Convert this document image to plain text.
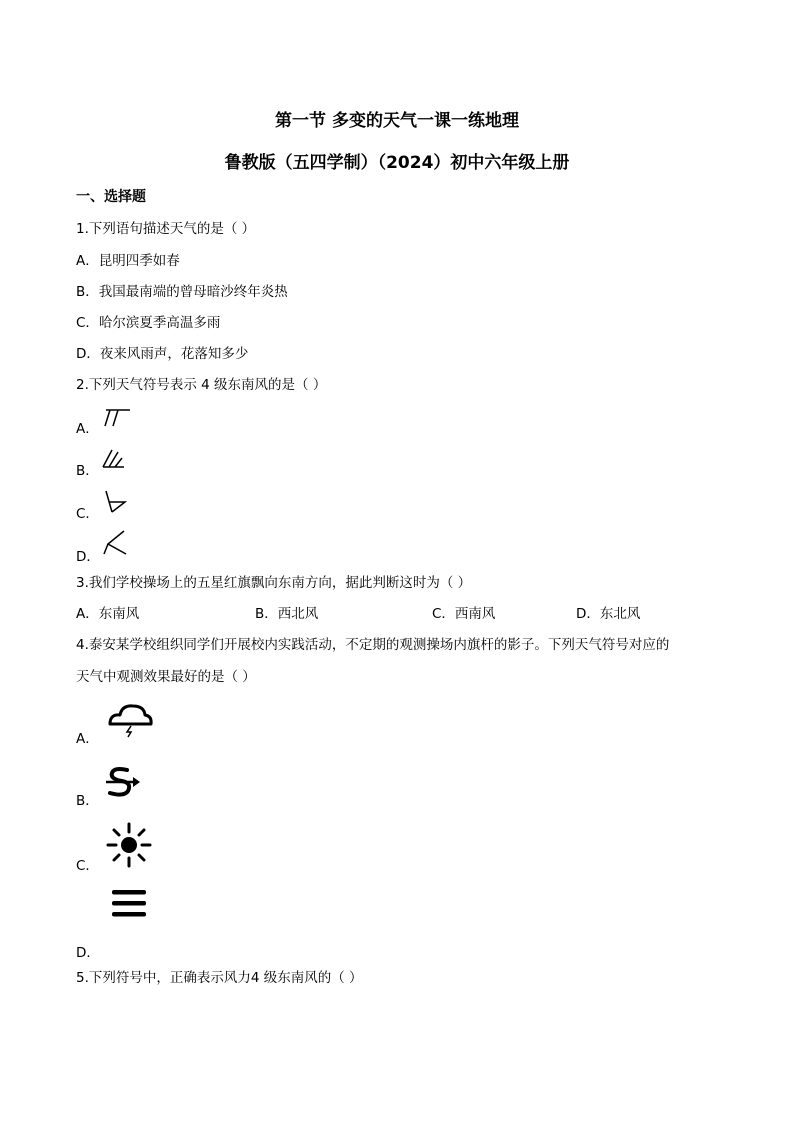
第一节 多变的天气一课一练地理
鲁教版（五四学制）（2024）初中六年级上册
一、选择题
1.下列语句描述天气的是（ ）
A．昆明四季如春
B．我国最南端的曾母暗沙终年炎热
C．哈尔滨夏季高温多雨
D．夜来风雨声，花落知多少
2.下列天气符号表示 4 级东南风的是（ ）
A．
B．
C．
D．
3.我们学校操场上的五星红旗飘向东南方向，据此判断这时为（ ）
A．东南风	B．西北风	C．西南风	D．东北风
4.泰安某学校组织同学们开展校内实践活动，不定期的观测操场内旗杆的影子。下列天气符号对应的
天气中观测效果最好的是（ ）
A．
B．
C．
D．
5.下列符号中，正确表示风力4 级东南风的（ ）
